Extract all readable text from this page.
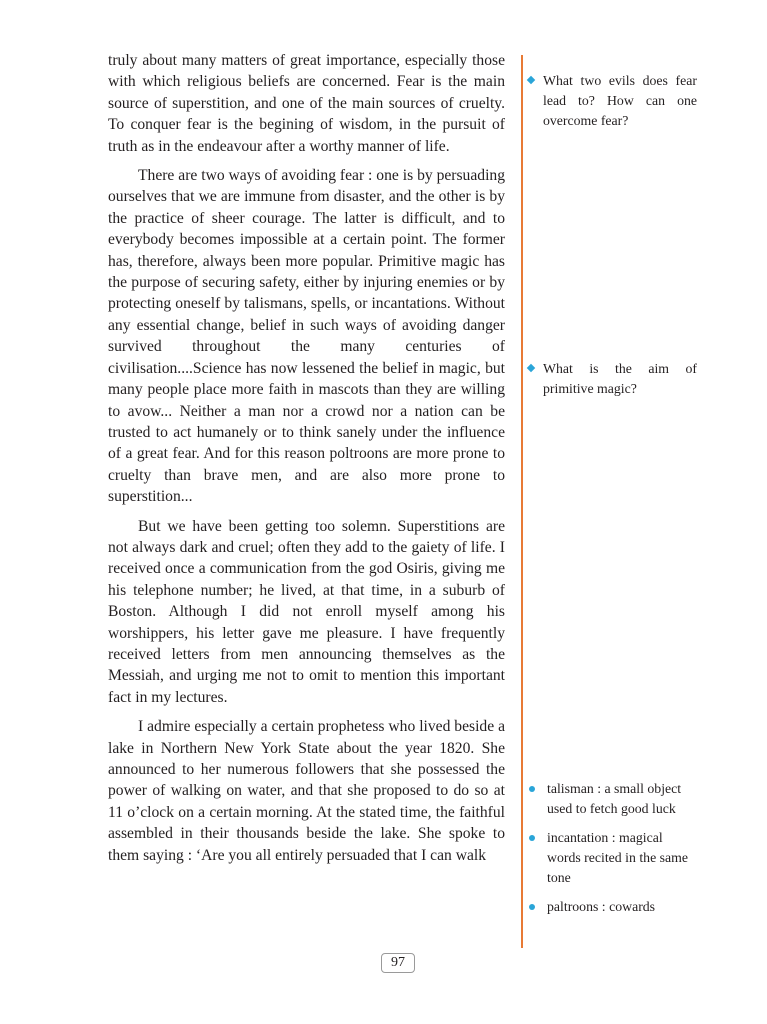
truly about many matters of great importance, especially those with which religious beliefs are concerned. Fear is the main source of superstition, and one of the main sources of cruelty. To conquer fear is the begining of wisdom, in the pursuit of truth as in the endeavour after a worthy manner of life.

There are two ways of avoiding fear : one is by persuading ourselves that we are immune from disaster, and the other is by the practice of sheer courage. The latter is difficult, and to everybody becomes impossible at a certain point. The former has, therefore, always been more popular. Primitive magic has the purpose of securing safety, either by injuring enemies or by protecting oneself by talismans, spells, or incantations. Without any essential change, belief in such ways of avoiding danger survived throughout the many centuries of civilisation....Science has now lessened the belief in magic, but many people place more faith in mascots than they are willing to avow... Neither a man nor a crowd nor a nation can be trusted to act humanely or to think sanely under the influence of a great fear. And for this reason poltroons are more prone to cruelty than brave men, and are also more prone to superstition...

But we have been getting too solemn. Superstitions are not always dark and cruel; often they add to the gaiety of life. I received once a communication from the god Osiris, giving me his telephone number; he lived, at that time, in a suburb of Boston. Although I did not enroll myself among his worshippers, his letter gave me pleasure. I have frequently received letters from men announcing themselves as the Messiah, and urging me not to omit to mention this important fact in my lectures.

I admire especially a certain prophetess who lived beside a lake in Northern New York State about the year 1820. She announced to her numerous followers that she possessed the power of walking on water, and that she proposed to do so at 11 o’clock on a certain morning. At the stated time, the faithful assembled in their thousands beside the lake. She spoke to them saying : ‘Are you all entirely persuaded that I can walk

What two evils does fear lead to? How can one overcome fear?
What is the aim of primitive magic?
talisman : a small object used to fetch good luck
incantation : magical words recited in the same tone
paltroons : cowards
97
